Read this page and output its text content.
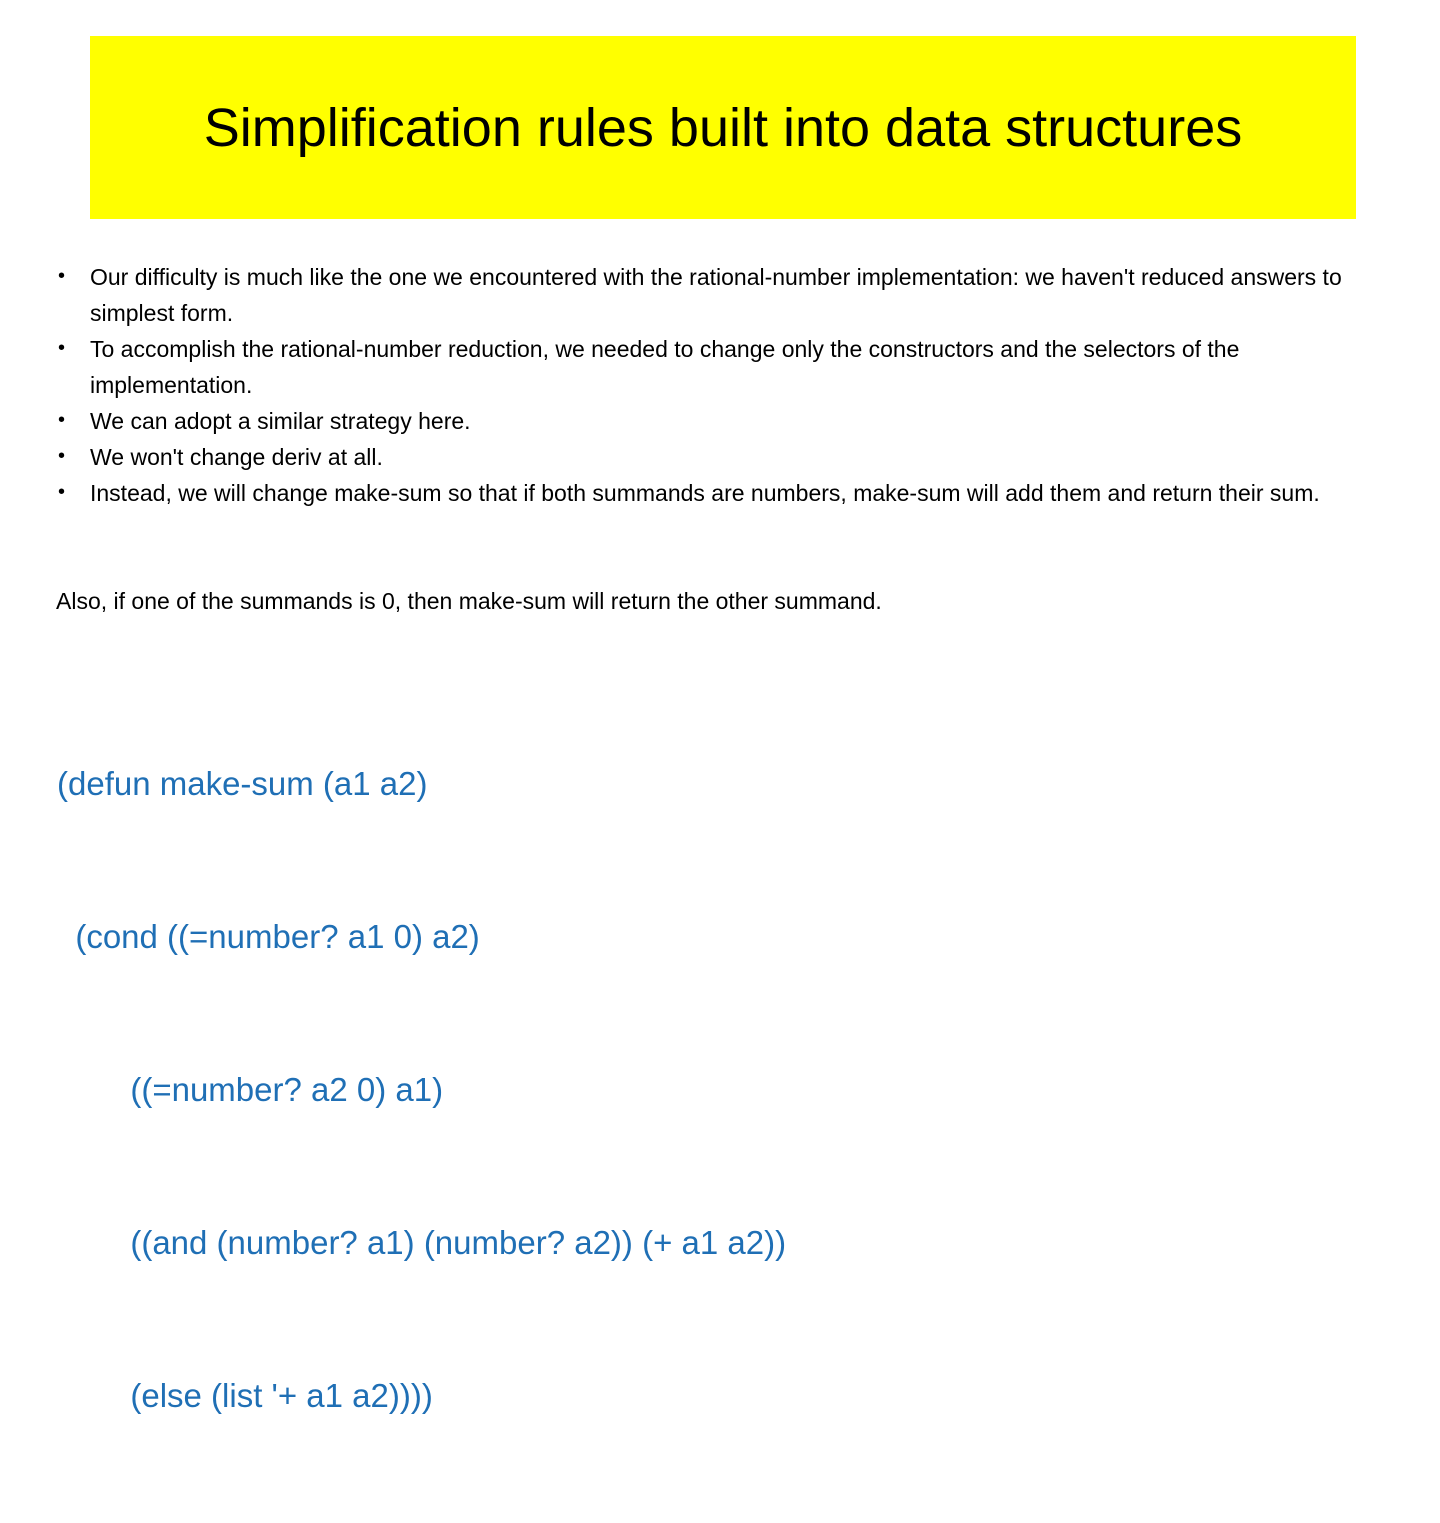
Simplification rules built into data structures
• Our difficulty is much like the one we encountered with the rational-number implementation: we haven't reduced answers to simplest form.
• To accomplish the rational-number reduction, we needed to change only the constructors and the selectors of the implementation.
• We can adopt a similar strategy here.
• We won't change deriv at all.
• Instead, we will change make-sum so that if both summands are numbers, make-sum will add them and return their sum.

Also, if one of the summands is 0, then make-sum will return the other summand.

(defun make-sum (a1 a2)

(cond ((=number? a1 0) a2)

((=number? a2 0) a1)

((and (number? a1) (number? a2)) (+ a1 a2))

(else (list '+ a1 a2))))
